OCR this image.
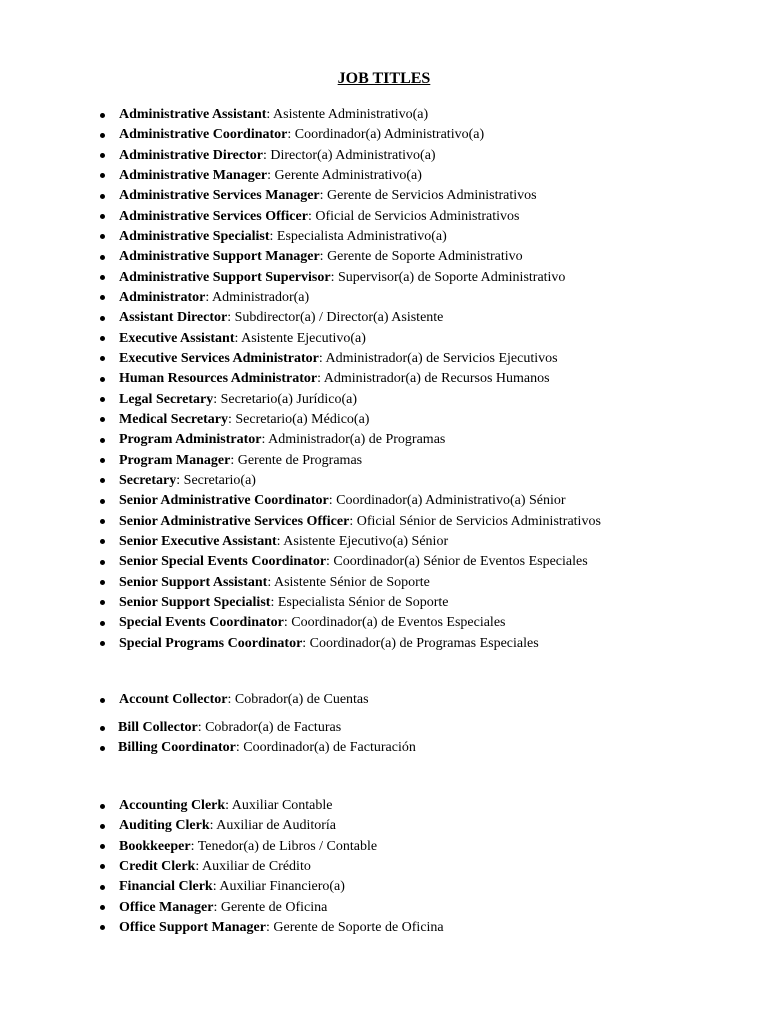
JOB TITLES
Administrative Assistant: Asistente Administrativo(a)
Administrative Coordinator: Coordinador(a) Administrativo(a)
Administrative Director: Director(a) Administrativo(a)
Administrative Manager: Gerente Administrativo(a)
Administrative Services Manager: Gerente de Servicios Administrativos
Administrative Services Officer: Oficial de Servicios Administrativos
Administrative Specialist: Especialista Administrativo(a)
Administrative Support Manager: Gerente de Soporte Administrativo
Administrative Support Supervisor: Supervisor(a) de Soporte Administrativo
Administrator: Administrador(a)
Assistant Director: Subdirector(a) / Director(a) Asistente
Executive Assistant: Asistente Ejecutivo(a)
Executive Services Administrator: Administrador(a) de Servicios Ejecutivos
Human Resources Administrator: Administrador(a) de Recursos Humanos
Legal Secretary: Secretario(a) Jurídico(a)
Medical Secretary: Secretario(a) Médico(a)
Program Administrator: Administrador(a) de Programas
Program Manager: Gerente de Programas
Secretary: Secretario(a)
Senior Administrative Coordinator: Coordinador(a) Administrativo(a) Sénior
Senior Administrative Services Officer: Oficial Sénior de Servicios Administrativos
Senior Executive Assistant: Asistente Ejecutivo(a) Sénior
Senior Special Events Coordinator: Coordinador(a) Sénior de Eventos Especiales
Senior Support Assistant: Asistente Sénior de Soporte
Senior Support Specialist: Especialista Sénior de Soporte
Special Events Coordinator: Coordinador(a) de Eventos Especiales
Special Programs Coordinator: Coordinador(a) de Programas Especiales
Account Collector: Cobrador(a) de Cuentas
Bill Collector: Cobrador(a) de Facturas
Billing Coordinator: Coordinador(a) de Facturación
Accounting Clerk: Auxiliar Contable
Auditing Clerk: Auxiliar de Auditoría
Bookkeeper: Tenedor(a) de Libros / Contable
Credit Clerk: Auxiliar de Crédito
Financial Clerk: Auxiliar Financiero(a)
Office Manager: Gerente de Oficina
Office Support Manager: Gerente de Soporte de Oficina
